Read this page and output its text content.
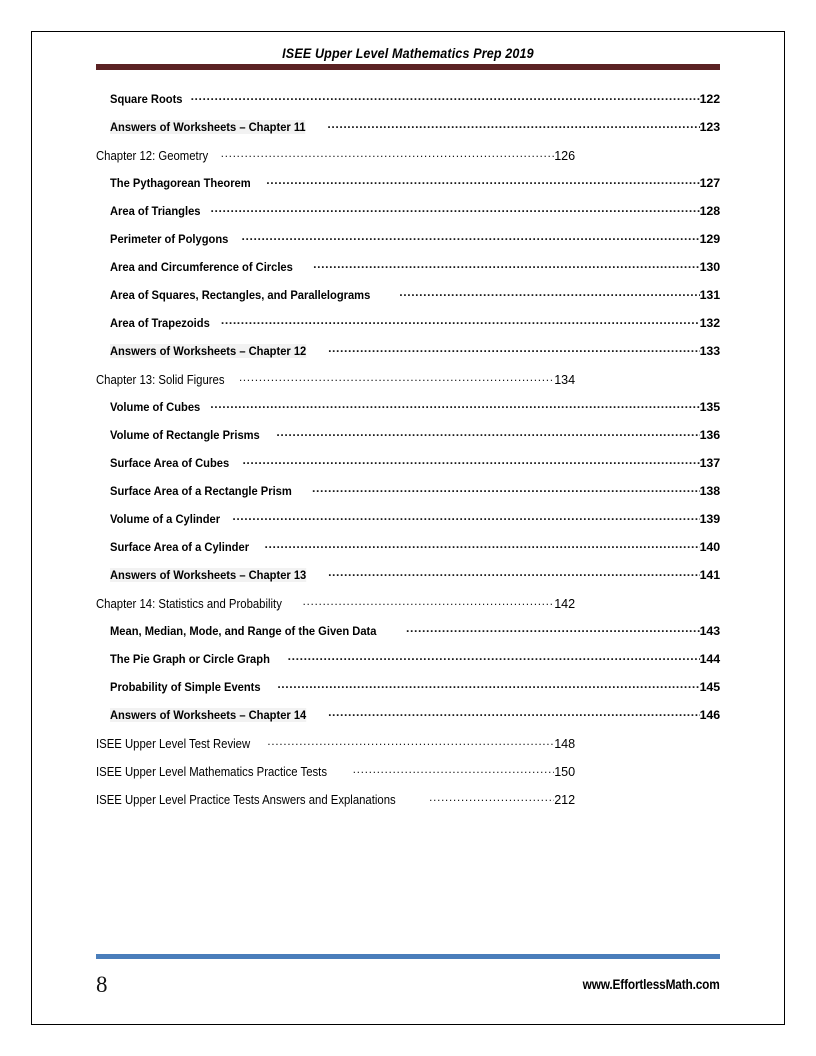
ISEE Upper Level Mathematics Prep 2019
Square Roots .....	122
Answers of Worksheets – Chapter 11 .....	123
Chapter 12: Geometry .....	126
The Pythagorean Theorem .....	127
Area of Triangles .....	128
Perimeter of Polygons .....	129
Area and Circumference of Circles .....	130
Area of Squares, Rectangles, and Parallelograms .....	131
Area of Trapezoids .....	132
Answers of Worksheets – Chapter 12 .....	133
Chapter 13: Solid Figures .....	134
Volume of Cubes .....	135
Volume of Rectangle Prisms .....	136
Surface Area of Cubes .....	137
Surface Area of a Rectangle Prism .....	138
Volume of a Cylinder .....	139
Surface Area of a Cylinder .....	140
Answers of Worksheets – Chapter 13 .....	141
Chapter 14: Statistics and Probability .....	142
Mean, Median, Mode, and Range of the Given Data .....	143
The Pie Graph or Circle Graph .....	144
Probability of Simple Events .....	145
Answers of Worksheets – Chapter 14 .....	146
ISEE Upper Level Test Review .....	148
ISEE Upper Level Mathematics Practice Tests .....	150
ISEE Upper Level Practice Tests Answers and Explanations .....	212
8	www.EffortlessMath.com
